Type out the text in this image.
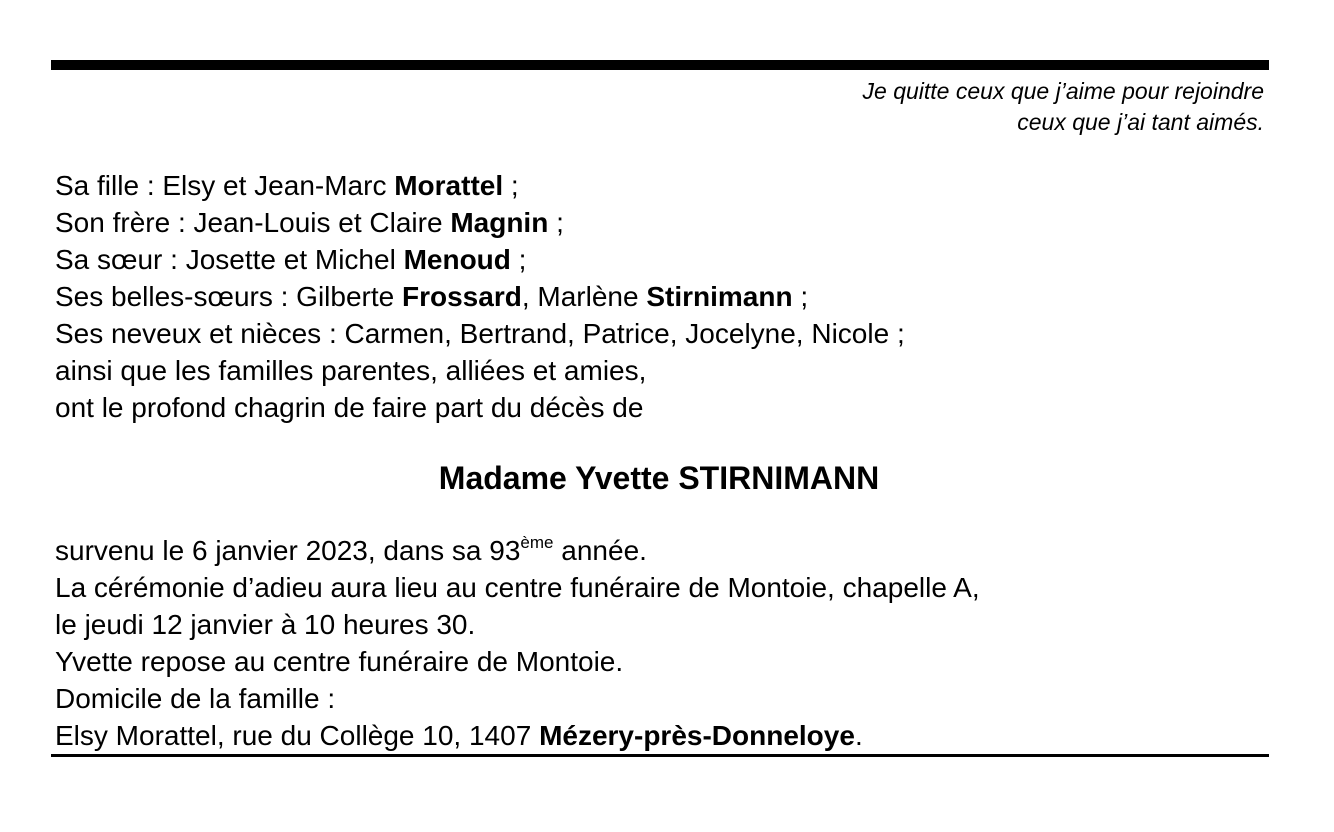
Je quitte ceux que j’aime pour rejoindre
ceux que j’ai tant aimés.
Sa fille : Elsy et Jean-Marc Morattel ;
Son frère : Jean-Louis et Claire Magnin ;
Sa sœur : Josette et Michel Menoud ;
Ses belles-sœurs : Gilberte Frossard, Marlène Stirnimann ;
Ses neveux et nièces : Carmen, Bertrand, Patrice, Jocelyne, Nicole ;
ainsi que les familles parentes, alliées et amies,
ont le profond chagrin de faire part du décès de
Madame Yvette STIRNIMANN
survenu le 6 janvier 2023, dans sa 93ème année.
La cérémonie d’adieu aura lieu au centre funéraire de Montoie, chapelle A,
le jeudi 12 janvier à 10 heures 30.
Yvette repose au centre funéraire de Montoie.
Domicile de la famille :
Elsy Morattel, rue du Collège 10, 1407 Mézery-près-Donneloye.
